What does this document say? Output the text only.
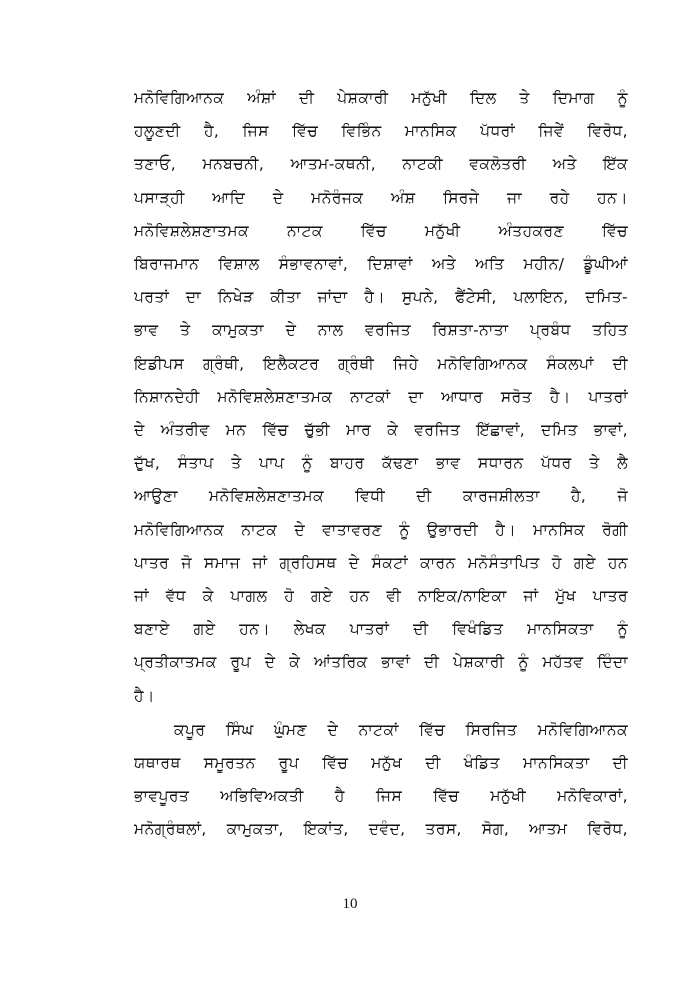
ਮਨੋਵਿਗਿਆਨਕ ਅੰਸ਼ਾਂ ਦੀ ਪੇਸ਼ਕਾਰੀ ਮਨੁੱਖੀ ਦਿਲ ਤੇ ਦਿਮਾਗ ਨੂੰ
ਹਲੂਣਦੀ ਹੈ, ਜਿਸ ਵਿੱਚ ਵਿਭਿੰਨ ਮਾਨਸਿਕ ਪੱਧਰਾਂ ਜਿਵੇਂ ਵਿਰੋਧ,
ਤਣਾਓ, ਮਨਬਚਨੀ, ਆਤਮ-ਕਥਨੀ, ਨਾਟਕੀ ਵਕਲੋਤਰੀ ਅਤੇ ਇੱਕ
ਪਸਾੜ੍ਹੀ ਆਦਿ ਦੇ ਮਨੋਰੰਜਕ ਅੰਸ਼ ਸਿਰਜੇ ਜਾ ਰਹੇ ਹਨ।
ਮਨੋਵਿਸ਼ਲੇਸ਼ਣਾਤਮਕ ਨਾਟਕ ਵਿੱਚ ਮਨੁੱਖੀ ਅੰਤਹਕਰਣ ਵਿੱਚ
ਬਿਰਾਜਮਾਨ ਵਿਸ਼ਾਲ ਸੰਭਾਵਨਾਵਾਂ, ਦਿਸ਼ਾਵਾਂ ਅਤੇ ਅਤਿ ਮਹੀਨ/ ਡੂੰਘੀਆਂ
ਪਰਤਾਂ ਦਾ ਨਿਖੇੜ ਕੀਤਾ ਜਾਂਦਾ ਹੈ। ਸੁਪਨੇ, ਫੈਂਟੇਸੀ, ਪਲਾਇਨ, ਦਮਿਤ-
ਭਾਵ ਤੇ ਕਾਮੁਕਤਾ ਦੇ ਨਾਲ ਵਰਜਿਤ ਰਿਸ਼ਤਾ-ਨਾਤਾ ਪ੍ਰਬੰਧ ਤਹਿਤ
ਇਡੀਪਸ ਗ੍ਰੰਥੀ, ਇਲੈਕਟਰ ਗ੍ਰੰਥੀ ਜਿਹੇ ਮਨੋਵਿਗਿਆਨਕ ਸੰਕਲਪਾਂ ਦੀ
ਨਿਸ਼ਾਨਦੇਹੀ ਮਨੋਵਿਸ਼ਲੇਸ਼ਣਾਤਮਕ ਨਾਟਕਾਂ ਦਾ ਆਧਾਰ ਸਰੋਤ ਹੈ। ਪਾਤਰਾਂ
ਦੇ ਅੰਤਰੀਵ ਮਨ ਵਿੱਚ ਚੁੱਭੀ ਮਾਰ ਕੇ ਵਰਜਿਤ ਇੱਛਾਵਾਂ, ਦਮਿਤ ਭਾਵਾਂ,
ਦੁੱਖ, ਸੰਤਾਪ ਤੇ ਪਾਪ ਨੂੰ ਬਾਹਰ ਕੱਢਣਾ ਭਾਵ ਸਧਾਰਨ ਪੱਧਰ ਤੇ ਲੈ
ਆਉਣਾ ਮਨੋਵਿਸ਼ਲੇਸ਼ਣਾਤਮਕ ਵਿਧੀ ਦੀ ਕਾਰਜਸ਼ੀਲਤਾ ਹੈ, ਜੋ
ਮਨੋਵਿਗਿਆਨਕ ਨਾਟਕ ਦੇ ਵਾਤਾਵਰਣ ਨੂੰ ਉਭਾਰਦੀ ਹੈ। ਮਾਨਸਿਕ ਰੋਗੀ
ਪਾਤਰ ਜੋ ਸਮਾਜ ਜਾਂ ਗ੍ਰਹਿਸਥ ਦੇ ਸੰਕਟਾਂ ਕਾਰਨ ਮਨੋਸੰਤਾਪਿਤ ਹੋ ਗਏ ਹਨ
ਜਾਂ ਵੱਧ ਕੇ ਪਾਗਲ ਹੋ ਗਏ ਹਨ ਵੀ ਨਾਇਕ/ਨਾਇਕਾ ਜਾਂ ਮੁੱਖ ਪਾਤਰ
ਬਣਾਏ ਗਏ ਹਨ। ਲੇਖਕ ਪਾਤਰਾਂ ਦੀ ਵਿਖੰਡਿਤ ਮਾਨਸਿਕਤਾ ਨੂੰ
ਪ੍ਰਤੀਕਾਤਮਕ ਰੂਪ ਦੇ ਕੇ ਆਂਤਰਿਕ ਭਾਵਾਂ ਦੀ ਪੇਸ਼ਕਾਰੀ ਨੂੰ ਮਹੱਤਵ ਦਿੰਦਾ
ਹੈ।

ਕਪੂਰ ਸਿੰਘ ਘੁੰਮਣ ਦੇ ਨਾਟਕਾਂ ਵਿੱਚ ਸਿਰਜਿਤ ਮਨੋਵਿਗਿਆਨਕ
ਯਥਾਰਥ ਸਮੂਰਤਨ ਰੂਪ ਵਿੱਚ ਮਨੁੱਖ ਦੀ ਖੰਡਿਤ ਮਾਨਸਿਕਤਾ ਦੀ
ਭਾਵਪੂਰਤ ਅਭਿਵਿਅਕਤੀ ਹੈ ਜਿਸ ਵਿੱਚ ਮਨੁੱਖੀ ਮਨੋਵਿਕਾਰਾਂ,
ਮਨੋਗ੍ਰੰਥਲਾਂ, ਕਾਮੁਕਤਾ, ਇਕਾਂਤ, ਦਵੰਦ, ਤਰਸ, ਸੋਗ, ਆਤਮ ਵਿਰੋਧ,

10
